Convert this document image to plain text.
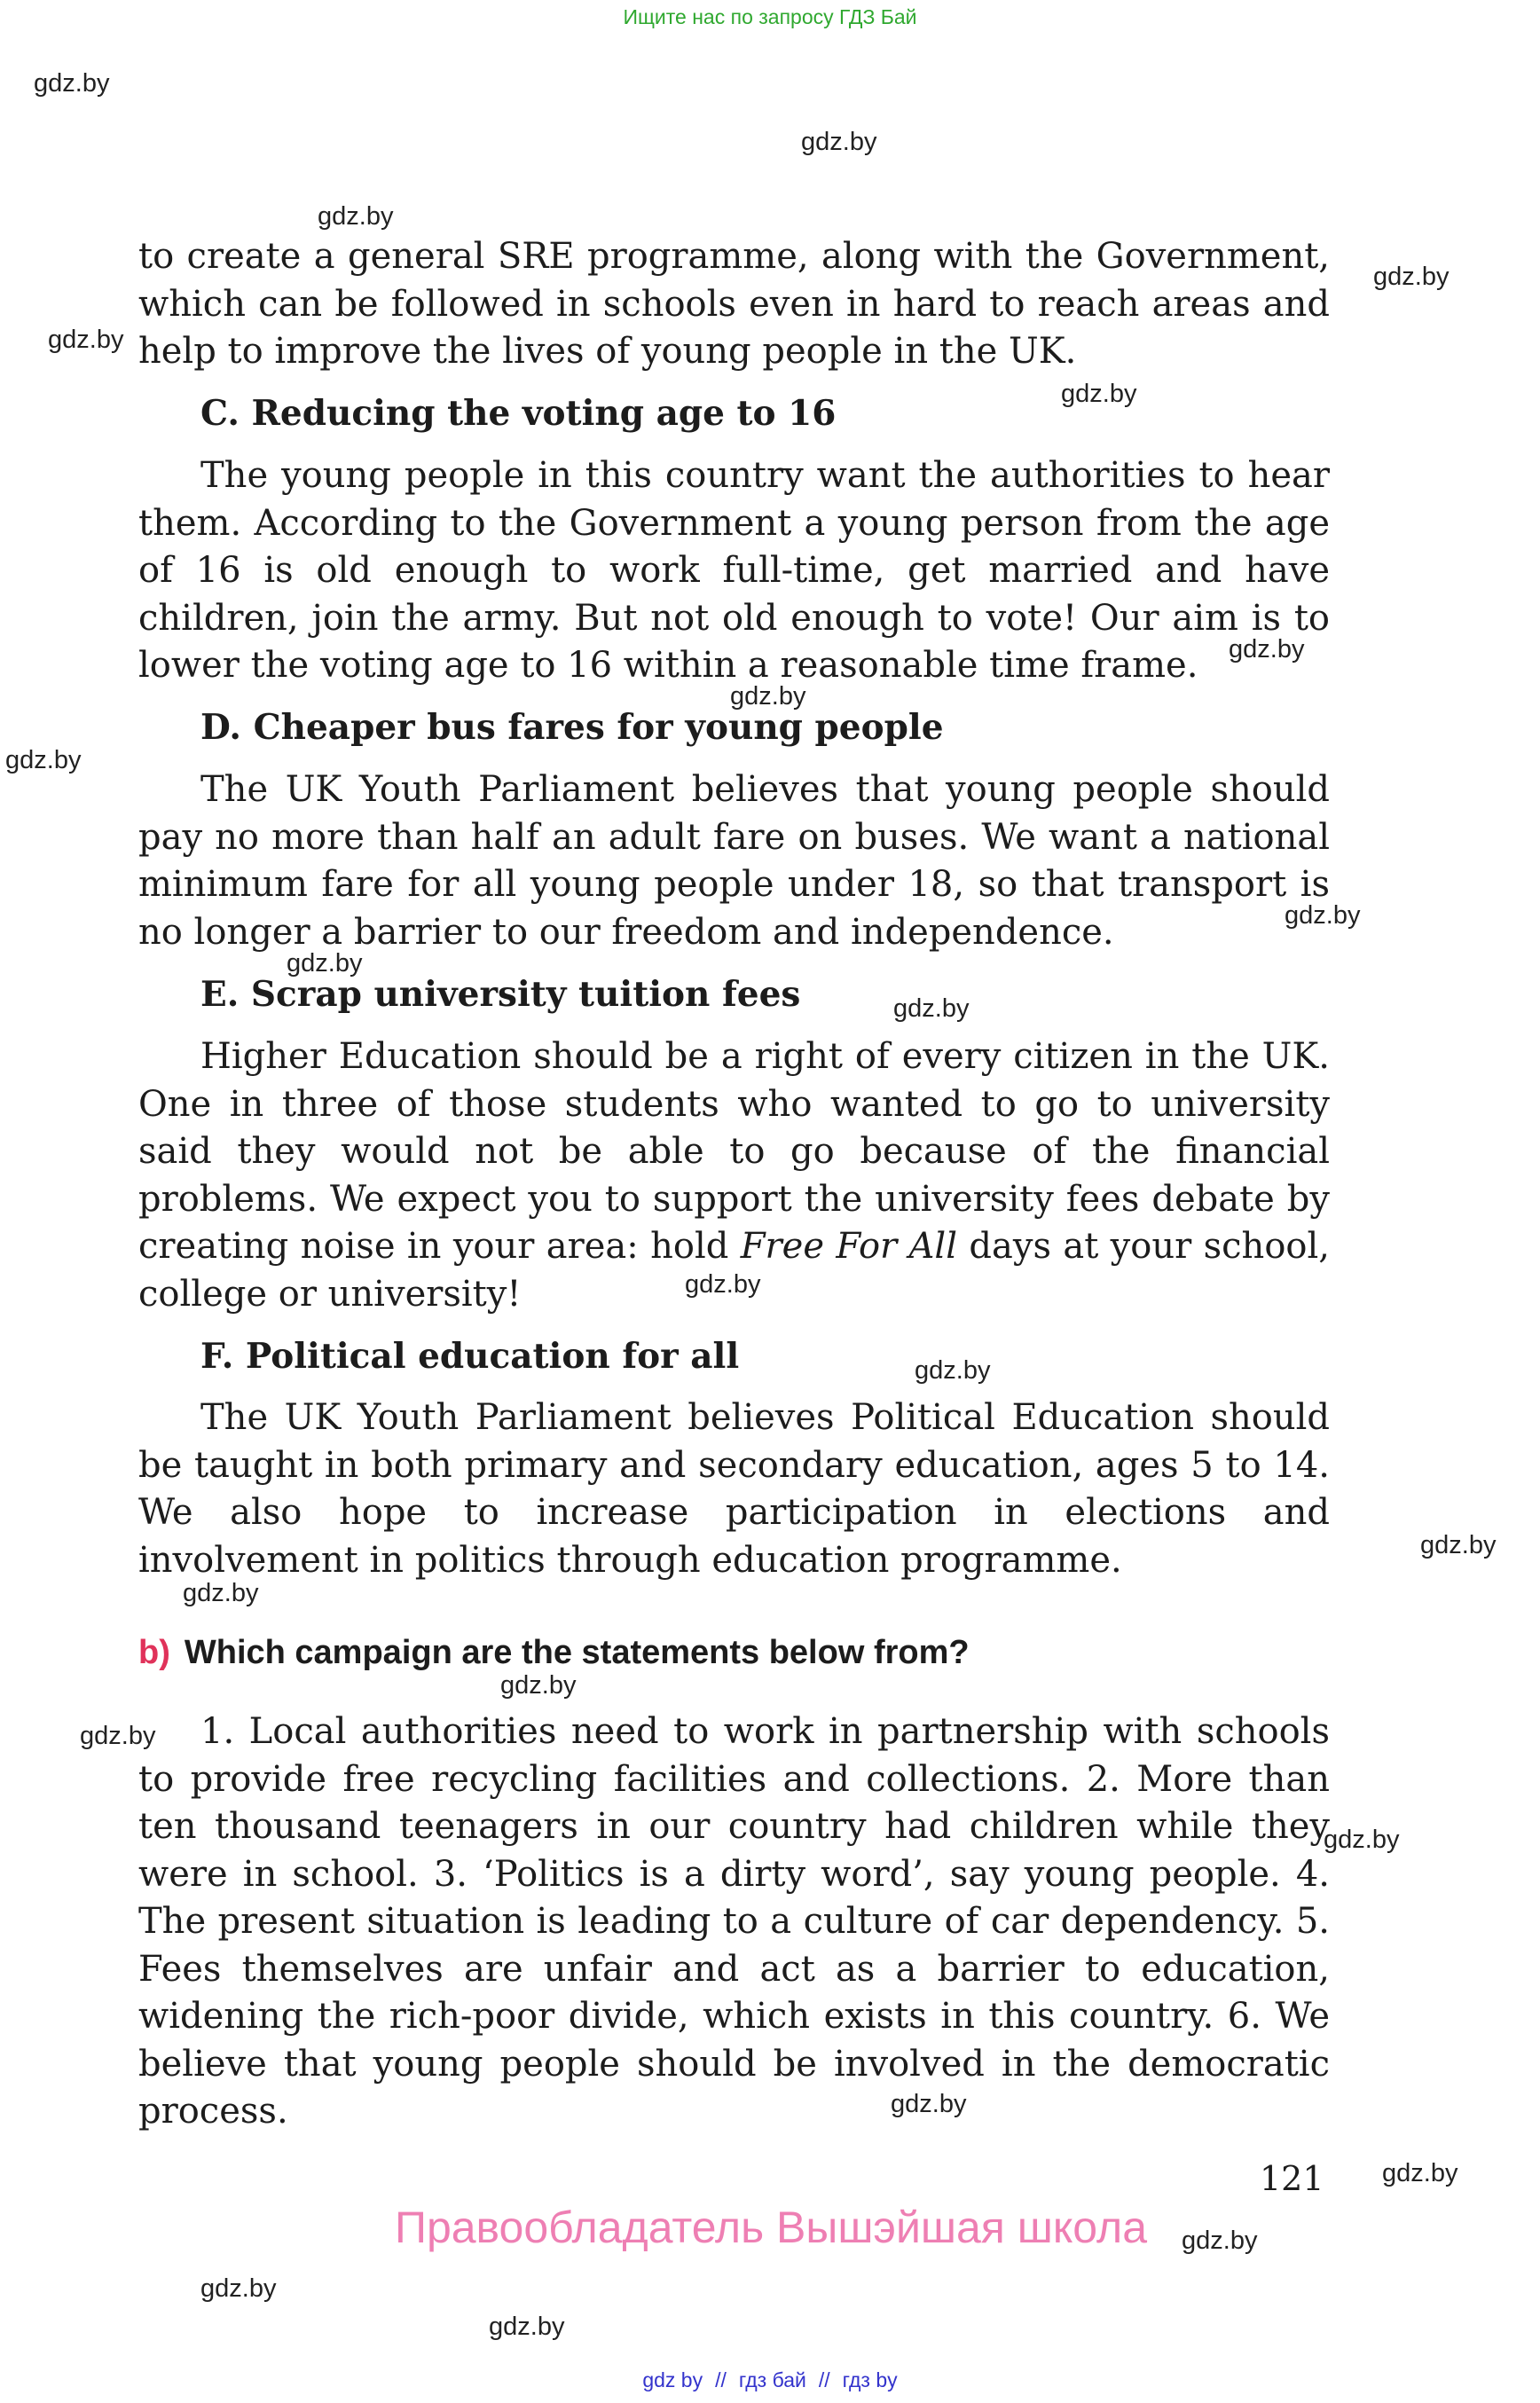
Ищите нас по запросу ГДЗ Бай
gdz.by
gdz.by
gdz.by
gdz.by
gdz.by
gdz.by
gdz.by
gdz.by
gdz.by
gdz.by
gdz.by
gdz.by
gdz.by
gdz.by
gdz.by
gdz.by
gdz.by
gdz.by
gdz.by
gdz.by
gdz.by
gdz.by
gdz.by
gdz.by

to create a general SRE programme, along with the Government, which can be followed in schools even in hard to reach areas and help to improve the lives of young people in the UK.

C. Reducing the voting age to 16

The young people in this country want the authorities to hear them. According to the Government a young person from the age of 16 is old enough to work full-time, get married and have children, join the army. But not old enough to vote! Our aim is to lower the voting age to 16 within a reasonable time frame.

D. Cheaper bus fares for young people

The UK Youth Parliament believes that young people should pay no more than half an adult fare on buses. We want a national minimum fare for all young people under 18, so that transport is no longer a barrier to our freedom and independence.

E. Scrap university tuition fees

Higher Education should be a right of every citizen in the UK. One in three of those students who wanted to go to university said they would not be able to go because of the financial problems. We expect you to support the university fees debate by creating noise in your area: hold Free For All days at your school, college or university!

F. Political education for all

The UK Youth Parliament believes Political Education should be taught in both primary and secondary education, ages 5 to 14. We also hope to increase participation in elections and involvement in politics through education programme.

b) Which campaign are the statements below from?

1. Local authorities need to work in partnership with schools to provide free recycling facilities and collections. 2. More than ten thousand teenagers in our country had children while they were in school. 3. ‘Politics is a dirty word’, say young people. 4. The present situation is leading to a culture of car dependency. 5. Fees themselves are unfair and act as a barrier to education, widening the rich-poor divide, which exists in this country. 6. We believe that young people should be involved in the democratic process.

121
Правообладатель Вышэйшая школа
gdz by // гдз бай // гдз by
